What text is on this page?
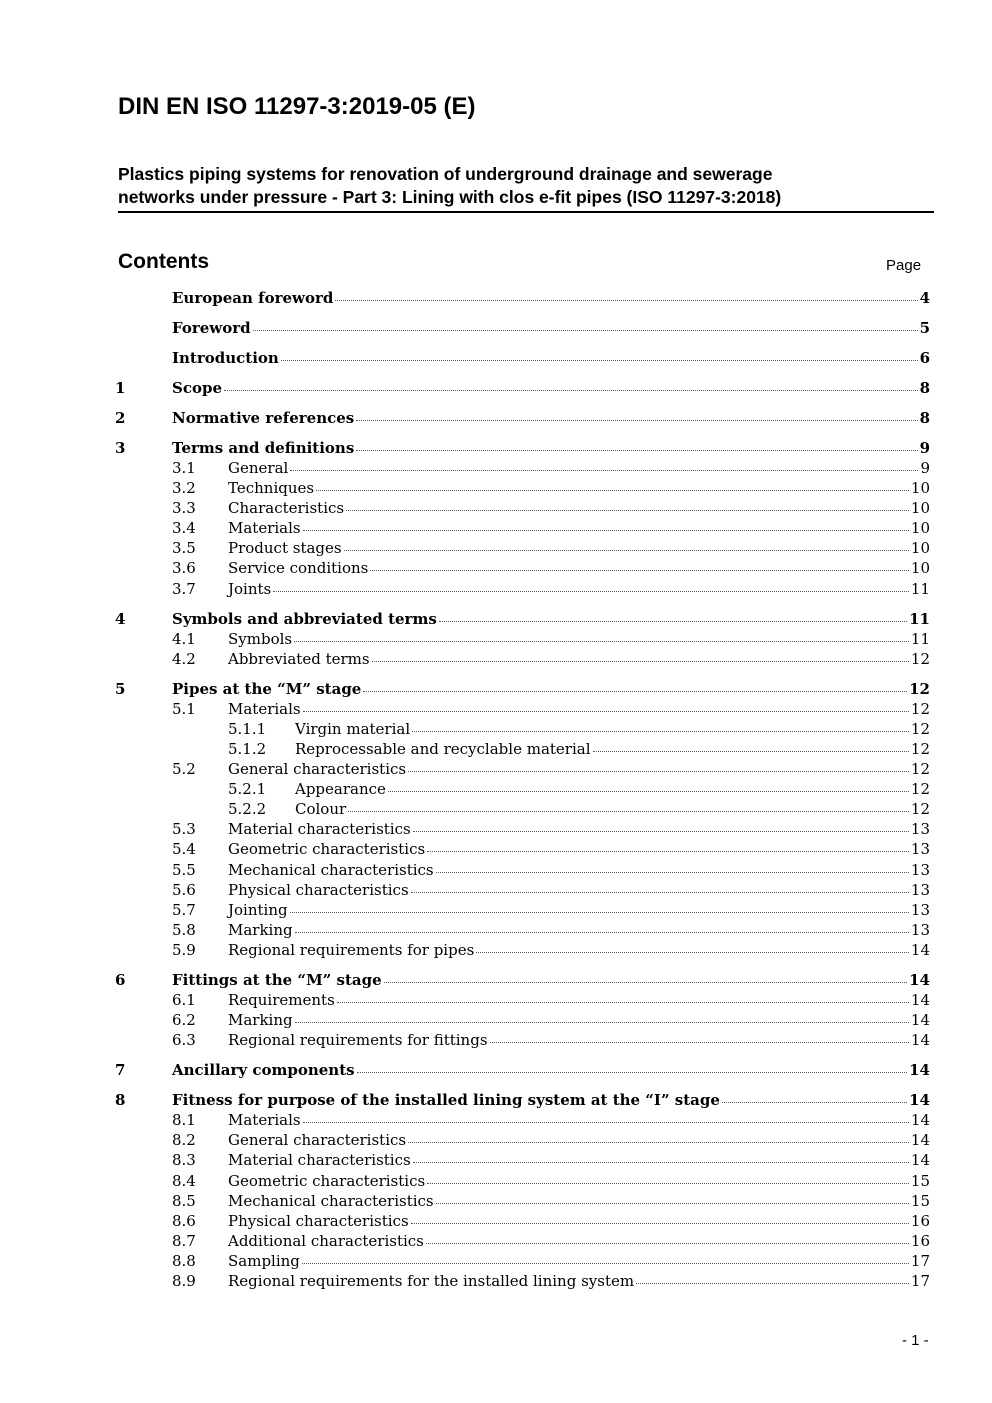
DIN EN ISO 11297-3:2019-05 (E)
Plastics piping systems for renovation of underground drainage and sewerage
networks under pressure - Part 3: Lining with clos e-fit pipes (ISO 11297-3:2018)
Contents	Page
European foreword	4
Foreword	5
Introduction	6
1	Scope	8
2	Normative references	8
3	Terms and definitions	9
3.1	General	9
3.2	Techniques	10
3.3	Characteristics	10
3.4	Materials	10
3.5	Product stages	10
3.6	Service conditions	10
3.7	Joints	11
4	Symbols and abbreviated terms	11
4.1	Symbols	11
4.2	Abbreviated terms	12
5	Pipes at the “M” stage	12
5.1	Materials	12
5.1.1	Virgin material	12
5.1.2	Reprocessable and recyclable material	12
5.2	General characteristics	12
5.2.1	Appearance	12
5.2.2	Colour	12
5.3	Material characteristics	13
5.4	Geometric characteristics	13
5.5	Mechanical characteristics	13
5.6	Physical characteristics	13
5.7	Jointing	13
5.8	Marking	13
5.9	Regional requirements for pipes	14
6	Fittings at the “M” stage	14
6.1	Requirements	14
6.2	Marking	14
6.3	Regional requirements for fittings	14
7	Ancillary components	14
8	Fitness for purpose of the installed lining system at the “I” stage	14
8.1	Materials	14
8.2	General characteristics	14
8.3	Material characteristics	14
8.4	Geometric characteristics	15
8.5	Mechanical characteristics	15
8.6	Physical characteristics	16
8.7	Additional characteristics	16
8.8	Sampling	17
8.9	Regional requirements for the installed lining system	17
- 1 -
